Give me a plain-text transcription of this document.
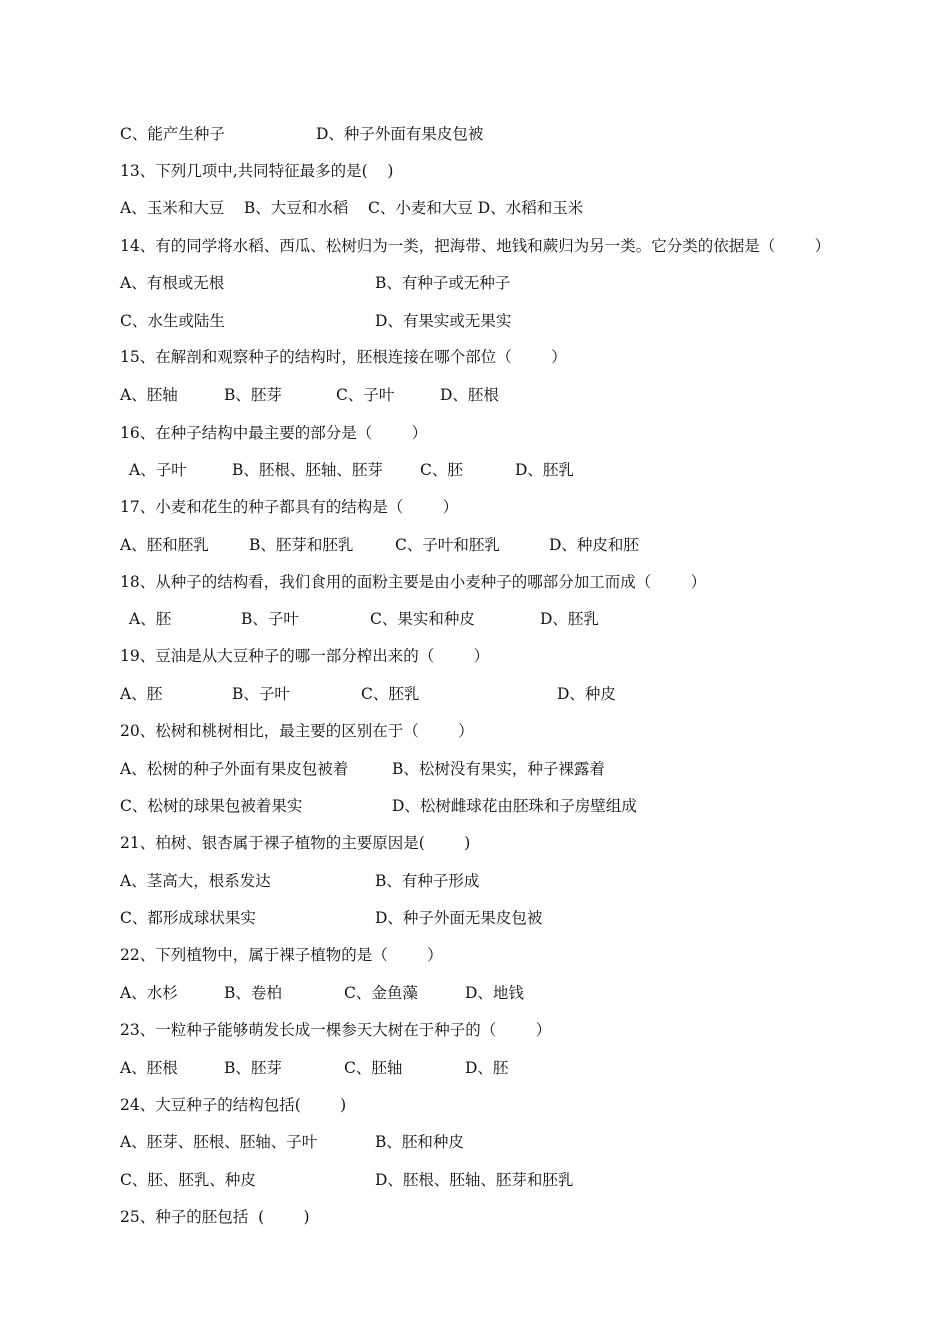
C、能产生种子	D、种子外面有果皮包被
13、下列几项中,共同特征最多的是(    )
A、玉米和大豆    B、大豆和水稻    C、小麦和大豆 D、水稻和玉米
14、有的同学将水稻、西瓜、松树归为一类，把海带、地钱和蕨归为另一类。它分类的依据是（        ）
A、有根或无根	B、有种子或无种子
C、水生或陆生	D、有果实或无果实
15、在解剖和观察种子的结构时，胚根连接在哪个部位（        ）
A、胚轴	B、胚芽	C、子叶	D、胚根
16、在种子结构中最主要的部分是（        ）
A、子叶	B、胚根、胚轴、胚芽 C、胚	D、胚乳
17、小麦和花生的种子都具有的结构是（        ）
A、胚和胚乳	B、胚芽和胚乳	C、子叶和胚乳	D、种皮和胚
18、从种子的结构看，我们食用的面粉主要是由小麦种子的哪部分加工而成（        ）
A、胚	B、子叶	C、果实和种皮	D、胚乳
19、豆油是从大豆种子的哪一部分榨出来的（        ）
A、胚	B、子叶	C、胚乳	D、种皮
20、松树和桃树相比，最主要的区别在于（        ）
A、松树的种子外面有果皮包被着	B、松树没有果实，种子裸露着
C、松树的球果包被着果实	D、松树雌球花由胚珠和子房壁组成
21、柏树、银杏属于裸子植物的主要原因是(        )
A、茎高大，根系发达	B、有种子形成
C、都形成球状果实	D、种子外面无果皮包被
22、下列植物中，属于裸子植物的是（        ）
A、水杉	B、卷柏	C、金鱼藻	D、地钱
23、一粒种子能够萌发长成一棵参天大树在于种子的（        ）
A、胚根	B、胚芽	C、胚轴	D、胚
24、大豆种子的结构包括(        )
A、胚芽、胚根、胚轴、子叶	B、胚和种皮
C、胚、胚乳、种皮	D、胚根、胚轴、胚芽和胚乳
25、种子的胚包括  (        )
